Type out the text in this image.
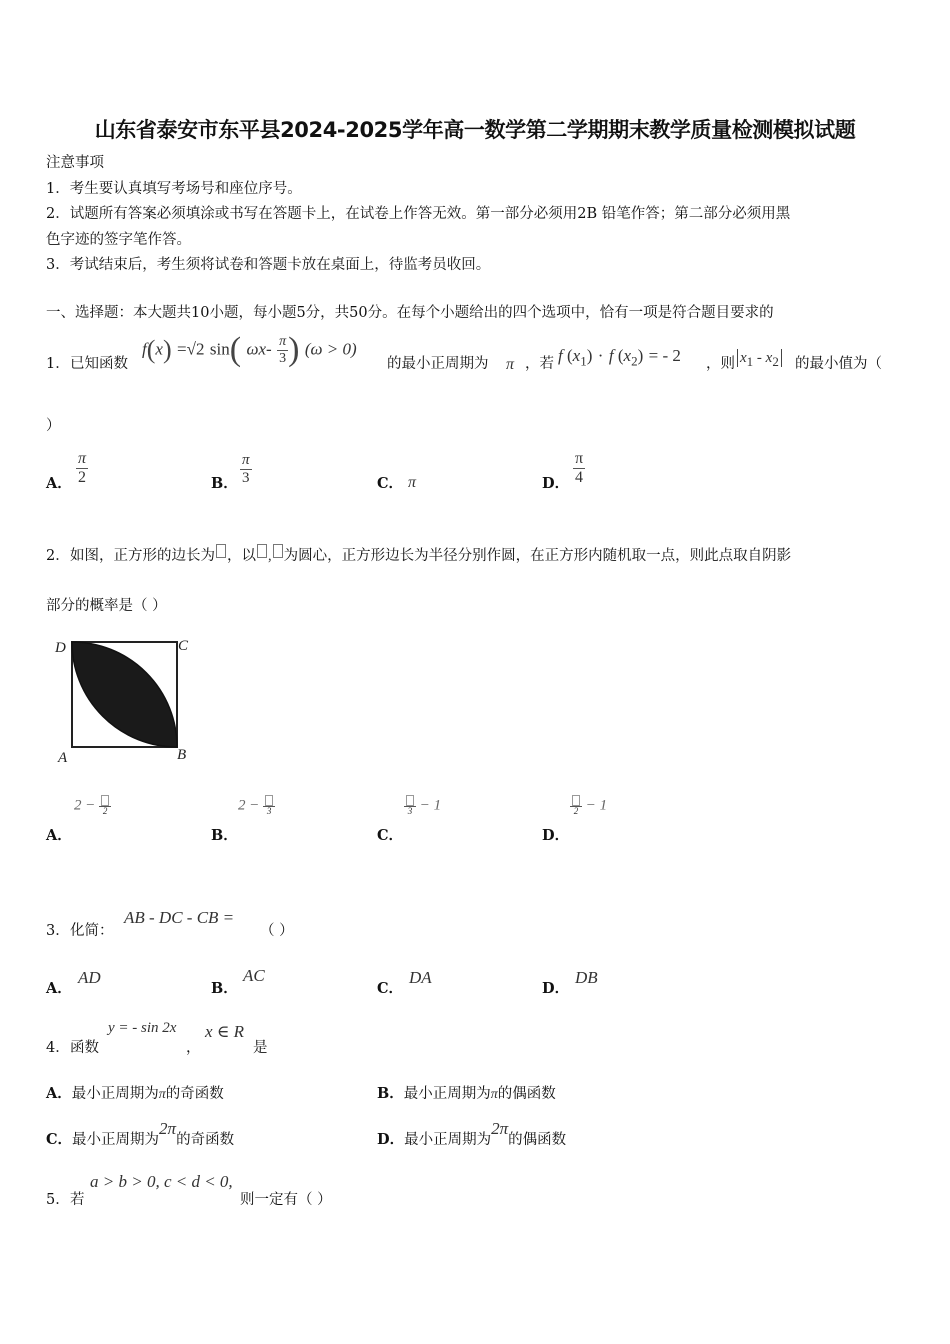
山东省泰安市东平县2024-2025学年高一数学第二学期期末教学质量检测模拟试题
注意事项
1．考生要认真填写考场号和座位序号。
2．试题所有答案必须填涂或书写在答题卡上，在试卷上作答无效。第一部分必须用2B 铅笔作答；第二部分必须用黑
色字迹的签字笔作答。
3．考试结束后，考生须将试卷和答题卡放在桌面上，待监考员收回。
一、选择题：本大题共10小题，每小题5分，共50分。在每个小题给出的四个选项中，恰有一项是符合题目要求的
1． 已知函数
f(x) =√2 sin( $\omega x- \frac{\pi}{3}$ ) (ω > 0)
的最小正周期为 π ，若 f $(x_1) \cdot f$ $(x_2)$ = - 2 ，则 $x_1 - x_2$	的最小值为（
）
A． $\frac{\pi}{2}$	B． $\frac{\pi}{3}$	C． π	D． $\frac{\pi}{4}$
2． 如图，正方形的边长为 ，以 , 为圆心，正方形边长为半径分别作圆，在正方形内随机取一点，则此点取自阴影
部分的概率是（ ）
D	C
A	B
A．
2 − 2
B．
2 − 3
C．
3 − 1
D．
2 − 1
3． 化简：
AB - DC - CB =
（ ）
A．
AD
B．
AC
C．
DA
D．
DB
4． 函数
y = - sin 2x
，
x ∈ R
是
A．最小正周期为π的奇函数	B．最小正周期为π的偶函数
C．最小正周期为2π的奇函数	D．最小正周期为2π的偶函数
5． 若
a > b > 0, c < d < 0,
则一定有（ ）
